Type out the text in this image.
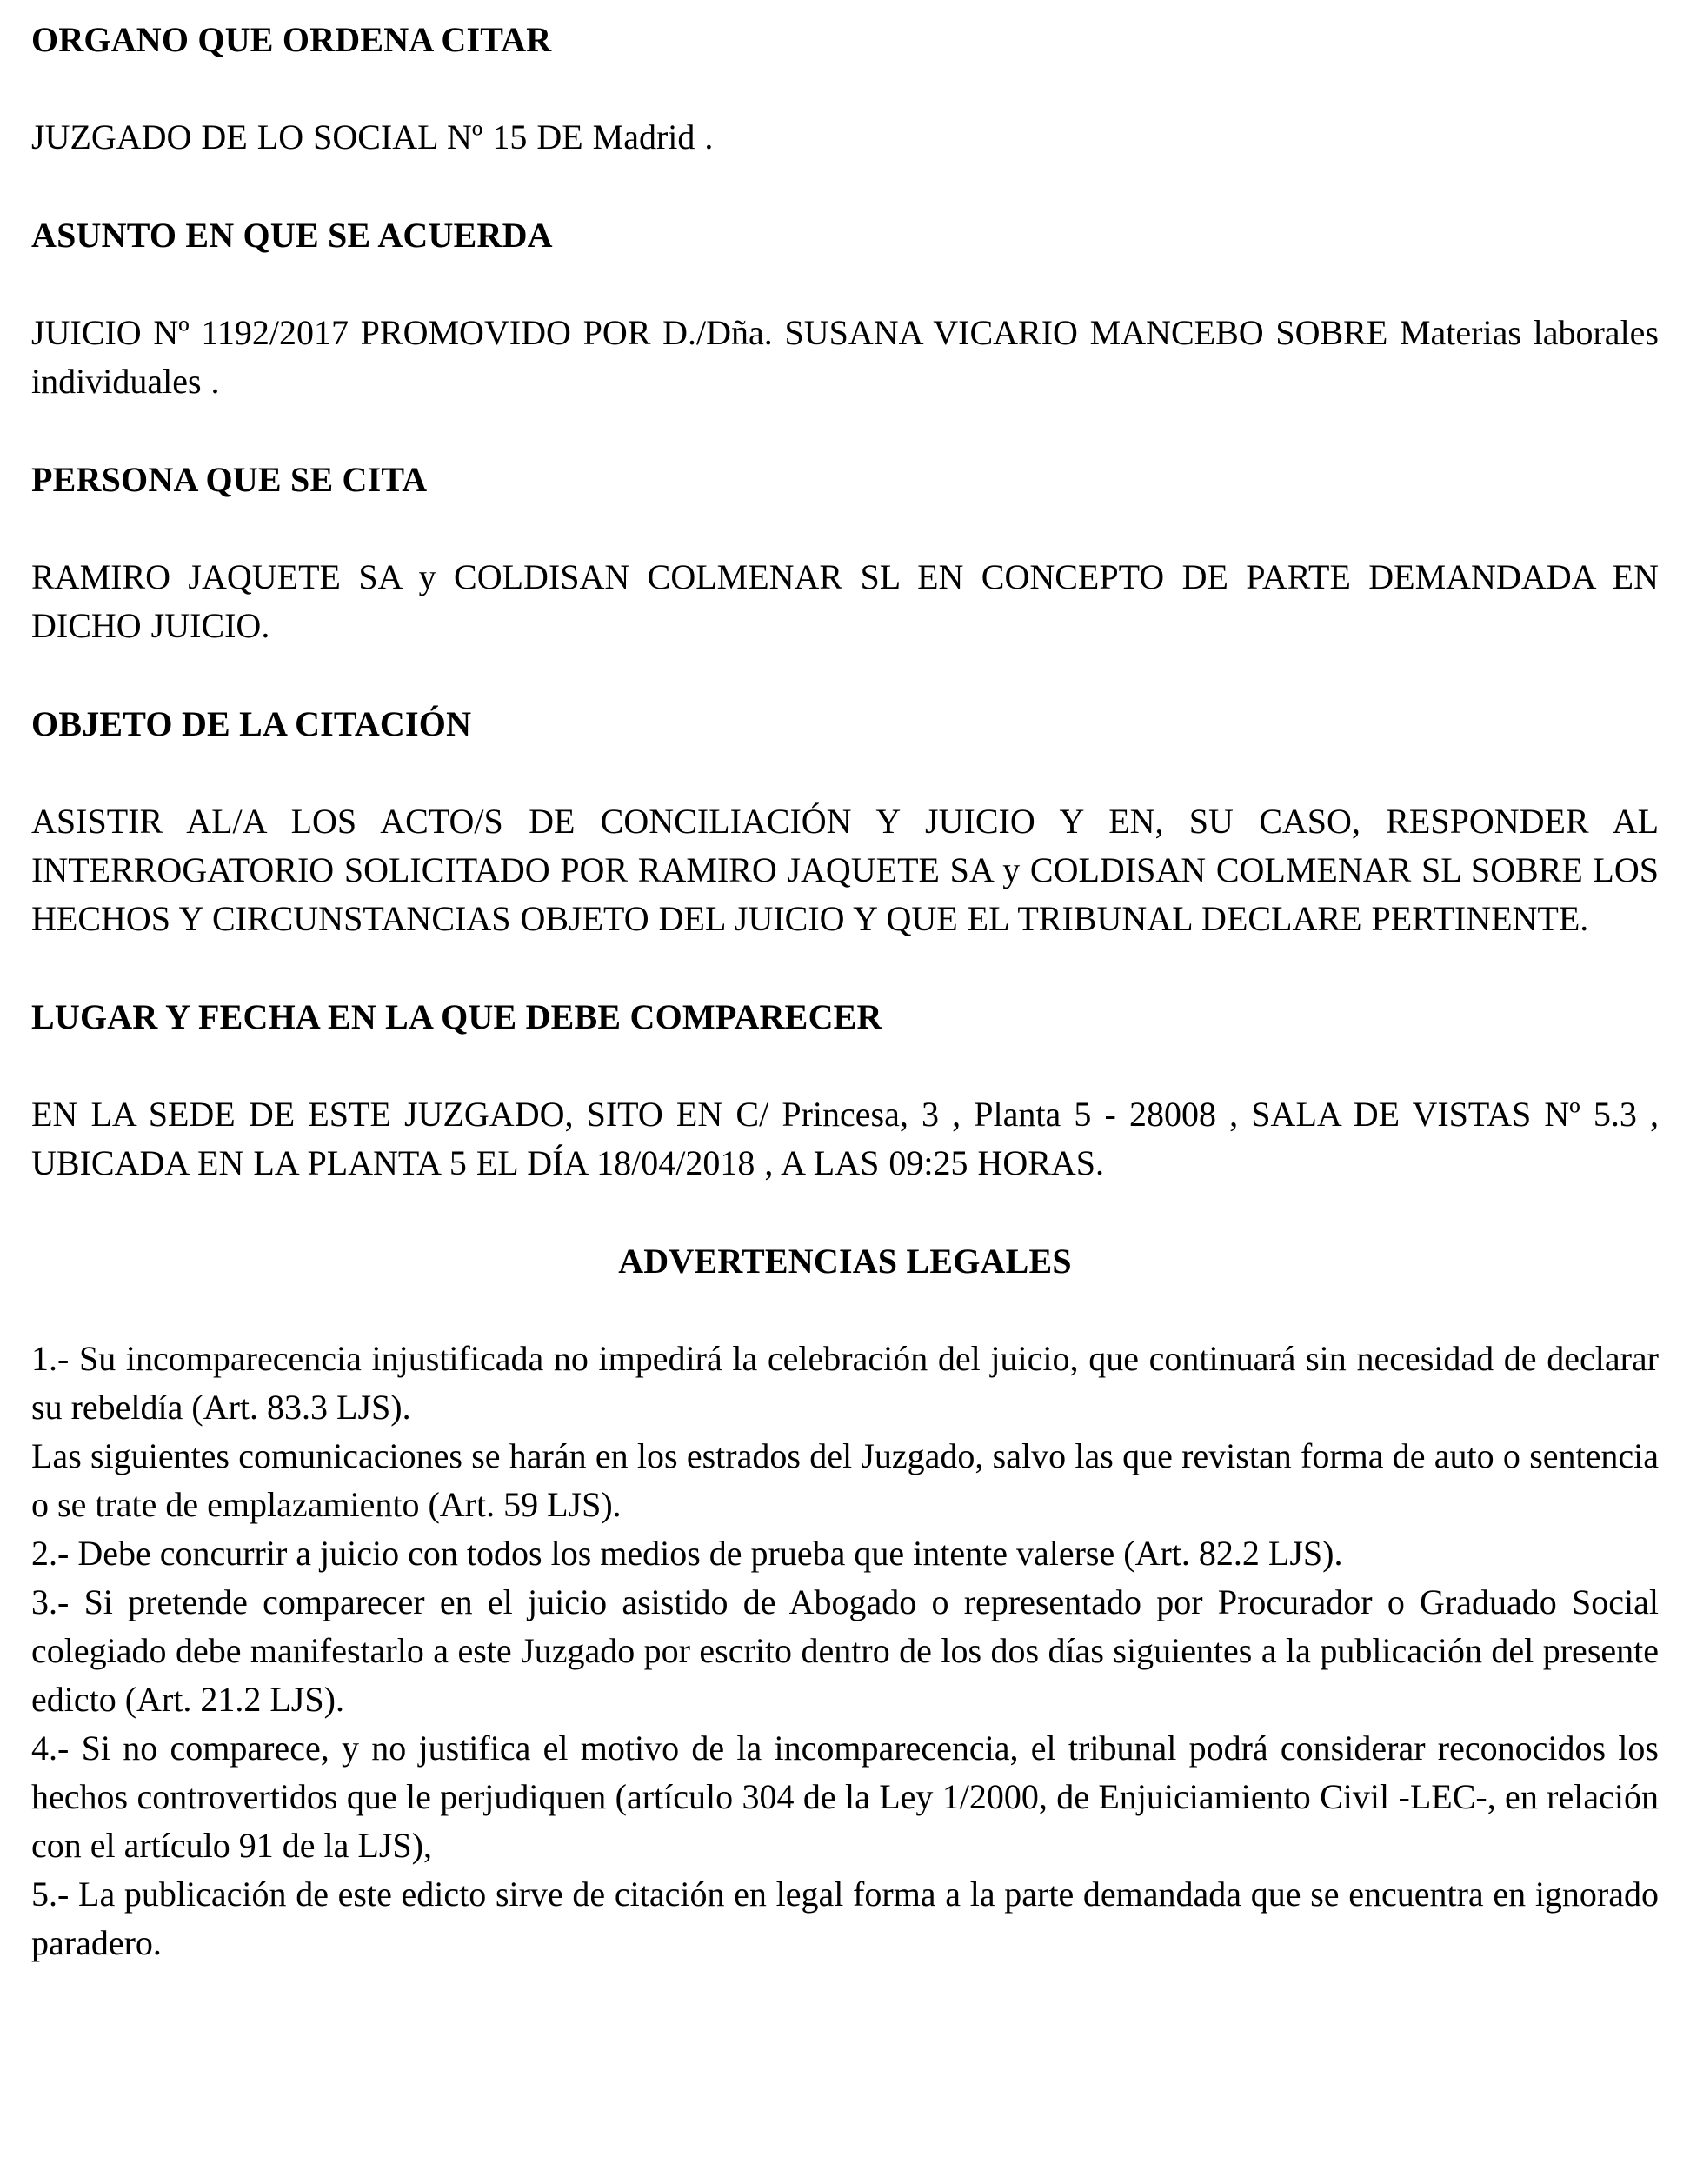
ORGANO QUE ORDENA CITAR

JUZGADO DE LO SOCIAL Nº 15 DE Madrid .

ASUNTO EN QUE SE ACUERDA

JUICIO Nº 1192/2017 PROMOVIDO POR D./Dña. SUSANA VICARIO MANCEBO SOBRE Materias laborales individuales .

PERSONA QUE SE CITA

RAMIRO JAQUETE SA y COLDISAN COLMENAR SL EN CONCEPTO DE PARTE DEMANDADA EN DICHO JUICIO.

OBJETO DE LA CITACIÓN

ASISTIR AL/A LOS ACTO/S DE CONCILIACIÓN Y JUICIO Y EN, SU CASO, RESPONDER AL INTERROGATORIO SOLICITADO POR RAMIRO JAQUETE SA y COLDISAN COLMENAR SL SOBRE LOS HECHOS Y CIRCUNSTANCIAS OBJETO DEL JUICIO Y QUE EL TRIBUNAL DECLARE PERTINENTE.

LUGAR Y FECHA EN LA QUE DEBE COMPARECER

EN LA SEDE DE ESTE JUZGADO, SITO EN C/ Princesa, 3 , Planta 5 - 28008 , SALA DE VISTAS Nº 5.3 , UBICADA EN LA PLANTA 5 EL DÍA 18/04/2018 , A LAS 09:25 HORAS.

ADVERTENCIAS LEGALES

1.- Su incomparecencia injustificada no impedirá la celebración del juicio, que continuará sin necesidad de declarar su rebeldía (Art. 83.3 LJS).

Las siguientes comunicaciones se harán en los estrados del Juzgado, salvo las que revistan forma de auto o sentencia o se trate de emplazamiento (Art. 59 LJS).

2.- Debe concurrir a juicio con todos los medios de prueba que intente valerse (Art. 82.2 LJS).

3.- Si pretende comparecer en el juicio asistido de Abogado o representado por Procurador o Graduado Social colegiado debe manifestarlo a este Juzgado por escrito dentro de los dos días siguientes a la publicación del presente edicto (Art. 21.2 LJS).

4.- Si no comparece, y no justifica el motivo de la incomparecencia, el tribunal podrá considerar reconocidos los hechos controvertidos que le perjudiquen (artículo 304 de la Ley 1/2000, de Enjuiciamiento Civil -LEC-, en relación con el artículo 91 de la LJS),

5.- La publicación de este edicto sirve de citación en legal forma a la parte demandada que se encuentra en ignorado paradero.
